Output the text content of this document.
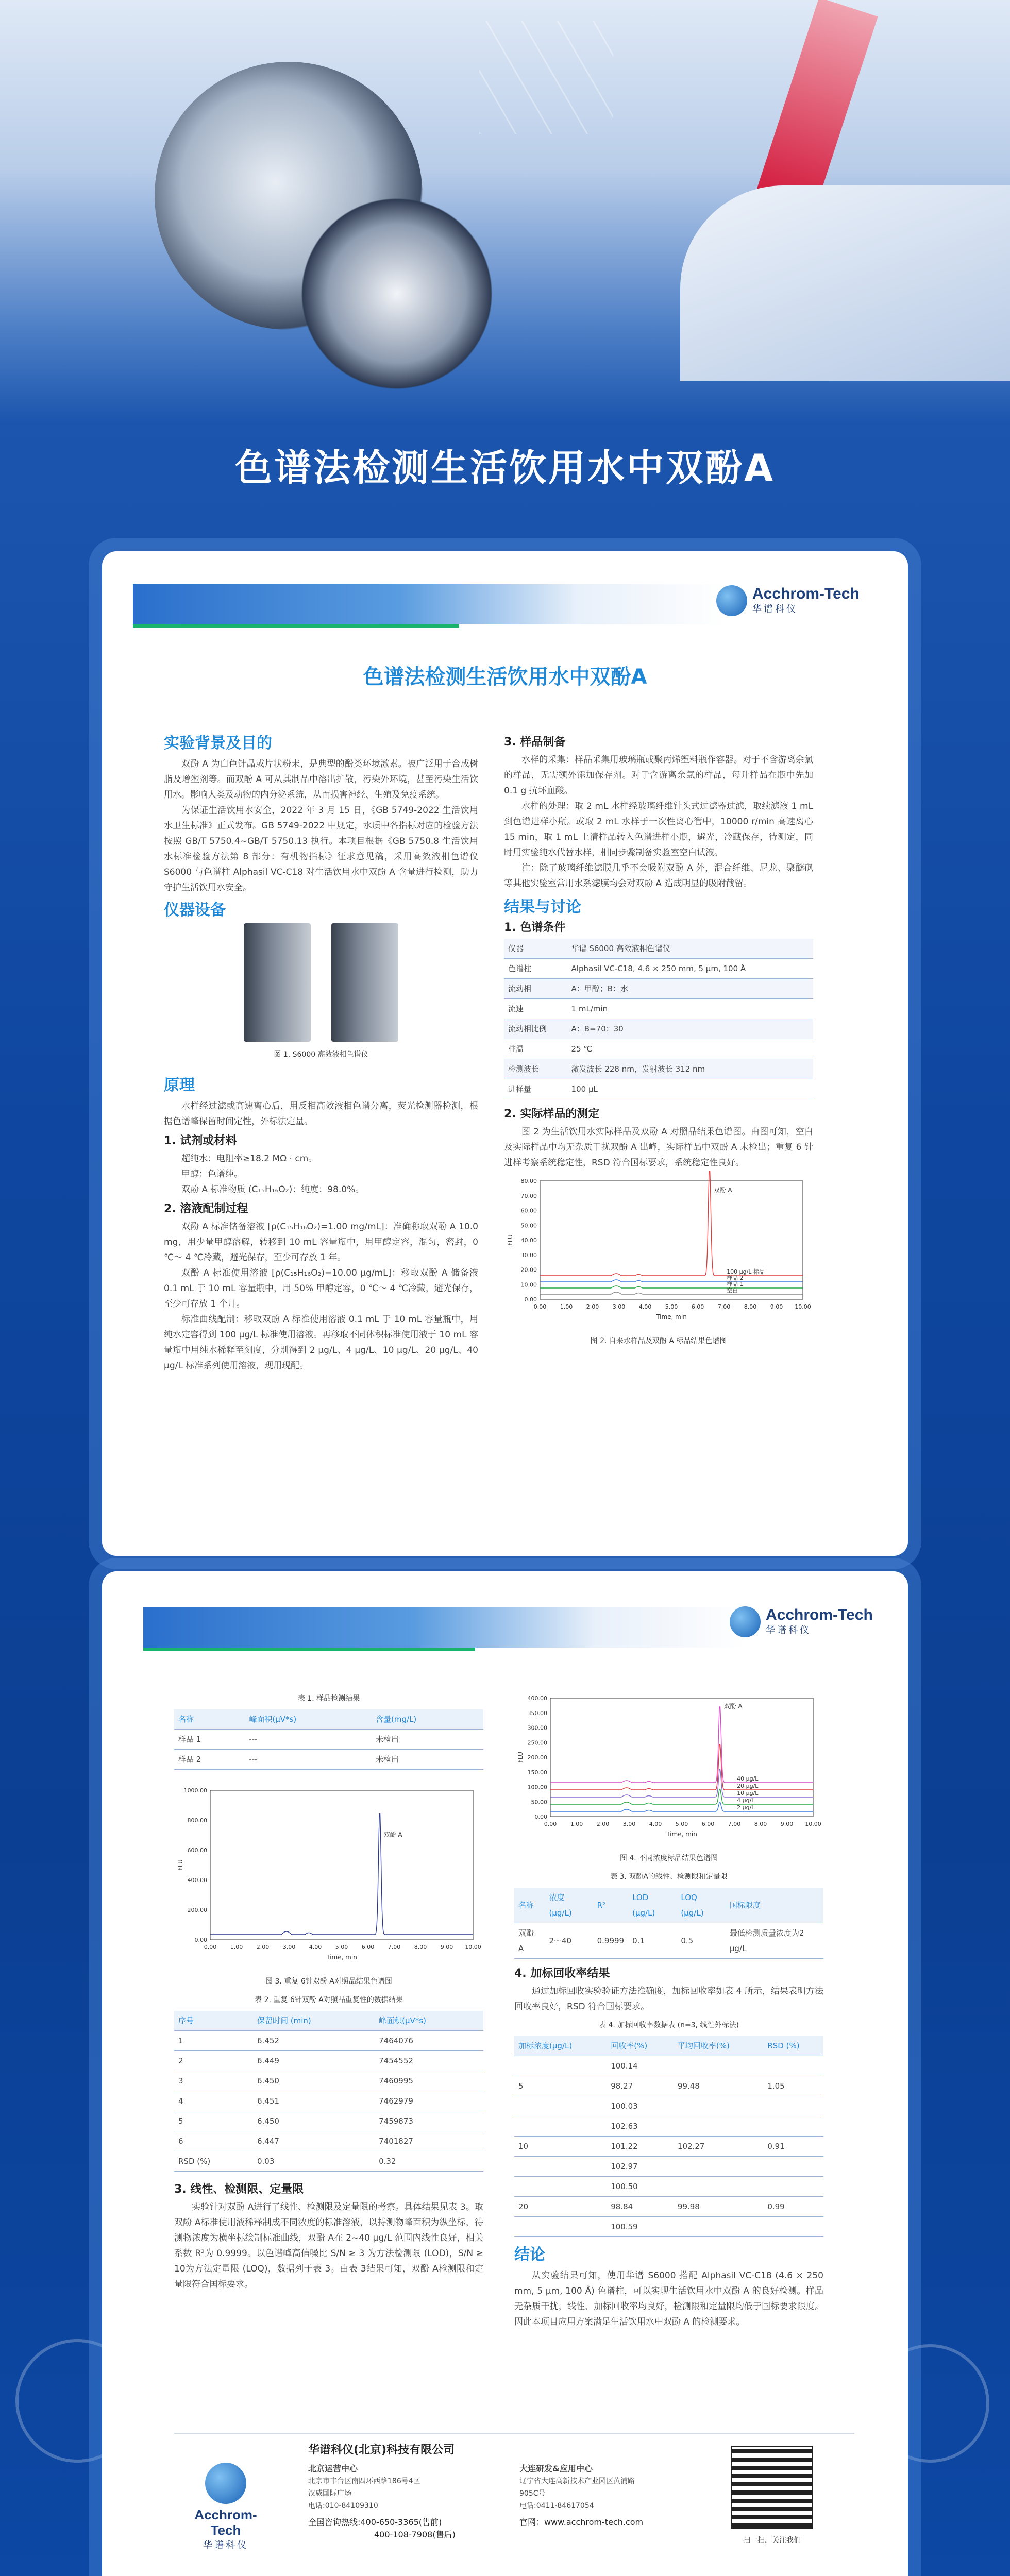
色谱法检测生活饮用水中双酚A
Acchrom-Tech
华谱科仪
色谱法检测生活饮用水中双酚A
实验背景及目的
双酚 A 为白色针晶或片状粉末，是典型的酚类环境激素。被广泛用于合成树脂及增塑剂等。而双酚 A 可从其制品中溶出扩散，污染外环境，甚至污染生活饮用水。影响人类及动物的内分泌系统，从而损害神经、生殖及免疫系统。
为保证生活饮用水安全，2022 年 3 月 15 日，《GB 5749-2022 生活饮用水卫生标准》正式发布。GB 5749-2022 中规定，水质中各指标对应的检验方法按照 GB/T 5750.4~GB/T 5750.13 执行。本项目根据《GB 5750.8 生活饮用水标准检验方法第 8 部分：有机物指标》征求意见稿，采用高效液相色谱仪 S6000 与色谱柱 Alphasil VC-C18 对生活饮用水中双酚 A 含量进行检测，助力守护生活饮用水安全。
仪器设备
图 1. S6000 高效液相色谱仪
原理
水样经过滤或高速离心后，用反相高效液相色谱分离，荧光检测器检测，根据色谱峰保留时间定性，外标法定量。
1. 试剂或材料
超纯水：电阻率≥18.2 MΩ · cm。
甲醇：色谱纯。
双酚 A 标准物质 (C₁₅H₁₆O₂)：纯度：98.0%。
2. 溶液配制过程
双酚 A 标准储备溶液 [ρ(C₁₅H₁₆O₂)=1.00 mg/mL]：准确称取双酚 A 10.0 mg，用少量甲醇溶解，转移到 10 mL 容量瓶中，用甲醇定容，混匀，密封，0 ℃～ 4 ℃冷藏，避光保存，至少可存放 1 年。
双酚 A 标准使用溶液 [ρ(C₁₅H₁₆O₂)=10.00 μg/mL]：移取双酚 A 储备液 0.1 mL 于 10 mL 容量瓶中，用 50% 甲醇定容，0 ℃～ 4 ℃冷藏，避光保存，至少可存放 1 个月。
标准曲线配制：移取双酚 A 标准使用溶液 0.1 mL 于 10 mL 容量瓶中，用纯水定容得到 100 μg/L 标准使用溶液。再移取不同体积标准使用液于 10 mL 容量瓶中用纯水稀释至刻度，分别得到 2 μg/L、4 μg/L、10 μg/L、20 μg/L、40 μg/L 标准系列使用溶液，现用现配。
3. 样品制备
水样的采集：样品采集用玻璃瓶或聚丙烯塑料瓶作容器。对于不含游离余氯的样品，无需额外添加保存剂。对于含游离余氯的样品，每升样品在瓶中先加 0.1 g 抗坏血酸。
水样的处理：取 2 mL 水样经玻璃纤维针头式过滤器过滤，取续滤液 1 mL 到色谱进样小瓶。或取 2 mL 水样于一次性离心管中，10000 r/min 高速离心 15 min，取 1 mL 上清样品转入色谱进样小瓶，避光，冷藏保存，待测定，同时用实验纯水代替水样，相同步骤制备实验室空白试液。
注：除了玻璃纤维滤膜几乎不会吸附双酚 A 外，混合纤维、尼龙、聚醚砜等其他实验室常用水系滤膜均会对双酚 A 造成明显的吸附截留。
结果与讨论
1. 色谱条件
仪器	华谱 S6000 高效液相色谱仪
色谱柱	Alphasil VC-C18, 4.6 × 250 mm, 5 μm, 100 Å
流动相	A：甲醇；B：水
流速	1 mL/min
流动相比例	A：B=70：30
柱温	25 ℃
检测波长	激发波长 228 nm，发射波长 312 nm
进样量	100 μL
2. 实际样品的测定
图 2 为生活饮用水实际样品及双酚 A 对照品结果色谱图。由图可知，空白及实际样品中均无杂质干扰双酚 A 出峰，实际样品中双酚 A 未检出；重复 6 针进样考察系统稳定性，RSD 符合国标要求，系统稳定性良好。
0.00 1.00 2.00 3.00 4.00 5.00 6.00 7.00 8.00 9.00 10.00
0.00
10.00
20.00
30.00
40.00
50.00
60.00
70.00
80.00
Time, min
FLU
100 μg/L 标品
样品 2
样品 1
空白
双酚 A
图 2. 自来水样品及双酚 A 标品结果色谱图
Acchrom-Tech
华谱科仪
表 1. 样品检测结果
名称	峰面积(μV*s)	含量(mg/L)
样品 1	---	未检出
样品 2	---	未检出
0.00 1.00 2.00 3.00 4.00 5.00 6.00 7.00 8.00 9.00 10.00
0.00
200.00
400.00
600.00
800.00
1000.00
Time, min
FLU
双酚 A
图 3. 重复 6针双酚 A对照品结果色谱图
表 2. 重复 6针双酚 A对照品重复性的数据结果
序号	保留时间 (min)	峰面积(μV*s)
1	6.452	7464076
2	6.449	7454552
3	6.450	7460995
4	6.451	7462979
5	6.450	7459873
6	6.447	7401827
RSD (%)	0.03	0.32
3. 线性、检测限、定量限
实验针对双酚 A进行了线性、检测限及定量限的考察。具体结果见表 3。取双酚 A标准使用液稀释制成不同浓度的标准溶液，以持测物峰面积为纵坐标，待测物浓度为横坐标绘制标准曲线，双酚 A在 2~40 μg/L 范围内线性良好，相关系数 R²为 0.9999。以色谱峰高信噪比 S/N ≥ 3 为方法检测限 (LOD)，S/N ≥ 10为方法定量限 (LOQ)，数据列于表 3。由表 3结果可知，双酚 A检测限和定量限符合国标要求。
0.00 1.00 2.00 3.00 4.00 5.00 6.00 7.00 8.00 9.00 10.00
0.00
50.00
100.00
150.00
200.00
250.00
300.00
350.00
400.00
Time, min
FLU
40 μg/L
20 μg/L
10 μg/L
4 μg/L
2 μg/L
双酚 A
图 4. 不同浓度标品结果色谱图
表 3. 双酚A的线性、检测限和定量限
名称	浓度 (μg/L)	R²	LOD (μg/L)	LOQ (μg/L)	国标限度
双酚 A	2～40	0.9999	0.1	0.5	最低检测质量浓度为2 μg/L
4. 加标回收率结果
通过加标回收实验验证方法准确度，加标回收率如表 4 所示，结果表明方法回收率良好，RSD 符合国标要求。
表 4. 加标回收率数据表 (n=3, 线性外标法)
加标浓度(μg/L)	回收率(%)	平均回收率(%)	RSD (%)
	100.14		
5	98.27	99.48	1.05
	100.03		
	102.63		
10	101.22	102.27	0.91
	102.97		
	100.50		
20	98.84	99.98	0.99
	100.59		
结论
从实验结果可知，使用华谱 S6000 搭配 Alphasil VC-C18 (4.6 × 250 mm, 5 μm, 100 Å) 色谱柱，可以实现生活饮用水中双酚 A 的良好检测。样品无杂质干扰，线性、加标回收率均良好，检测限和定量限均低于国标要求限度。因此本项目应用方案满足生活饮用水中双酚 A 的检测要求。
Acchrom-Tech
华谱科仪
华谱科仪(北京)科技有限公司
北京运营中心
北京市丰台区南四环西路186号4区
汉威国际广场
电话:010-84109310
全国咨询热线:400-650-3365(售前)
400-108-7908(售后)
大连研发&应用中心
辽宁省大连高新技术产业园区黄浦路
905C号
电话:0411-84617054
官网：www.acchrom-tech.com
扫一扫，关注我们
